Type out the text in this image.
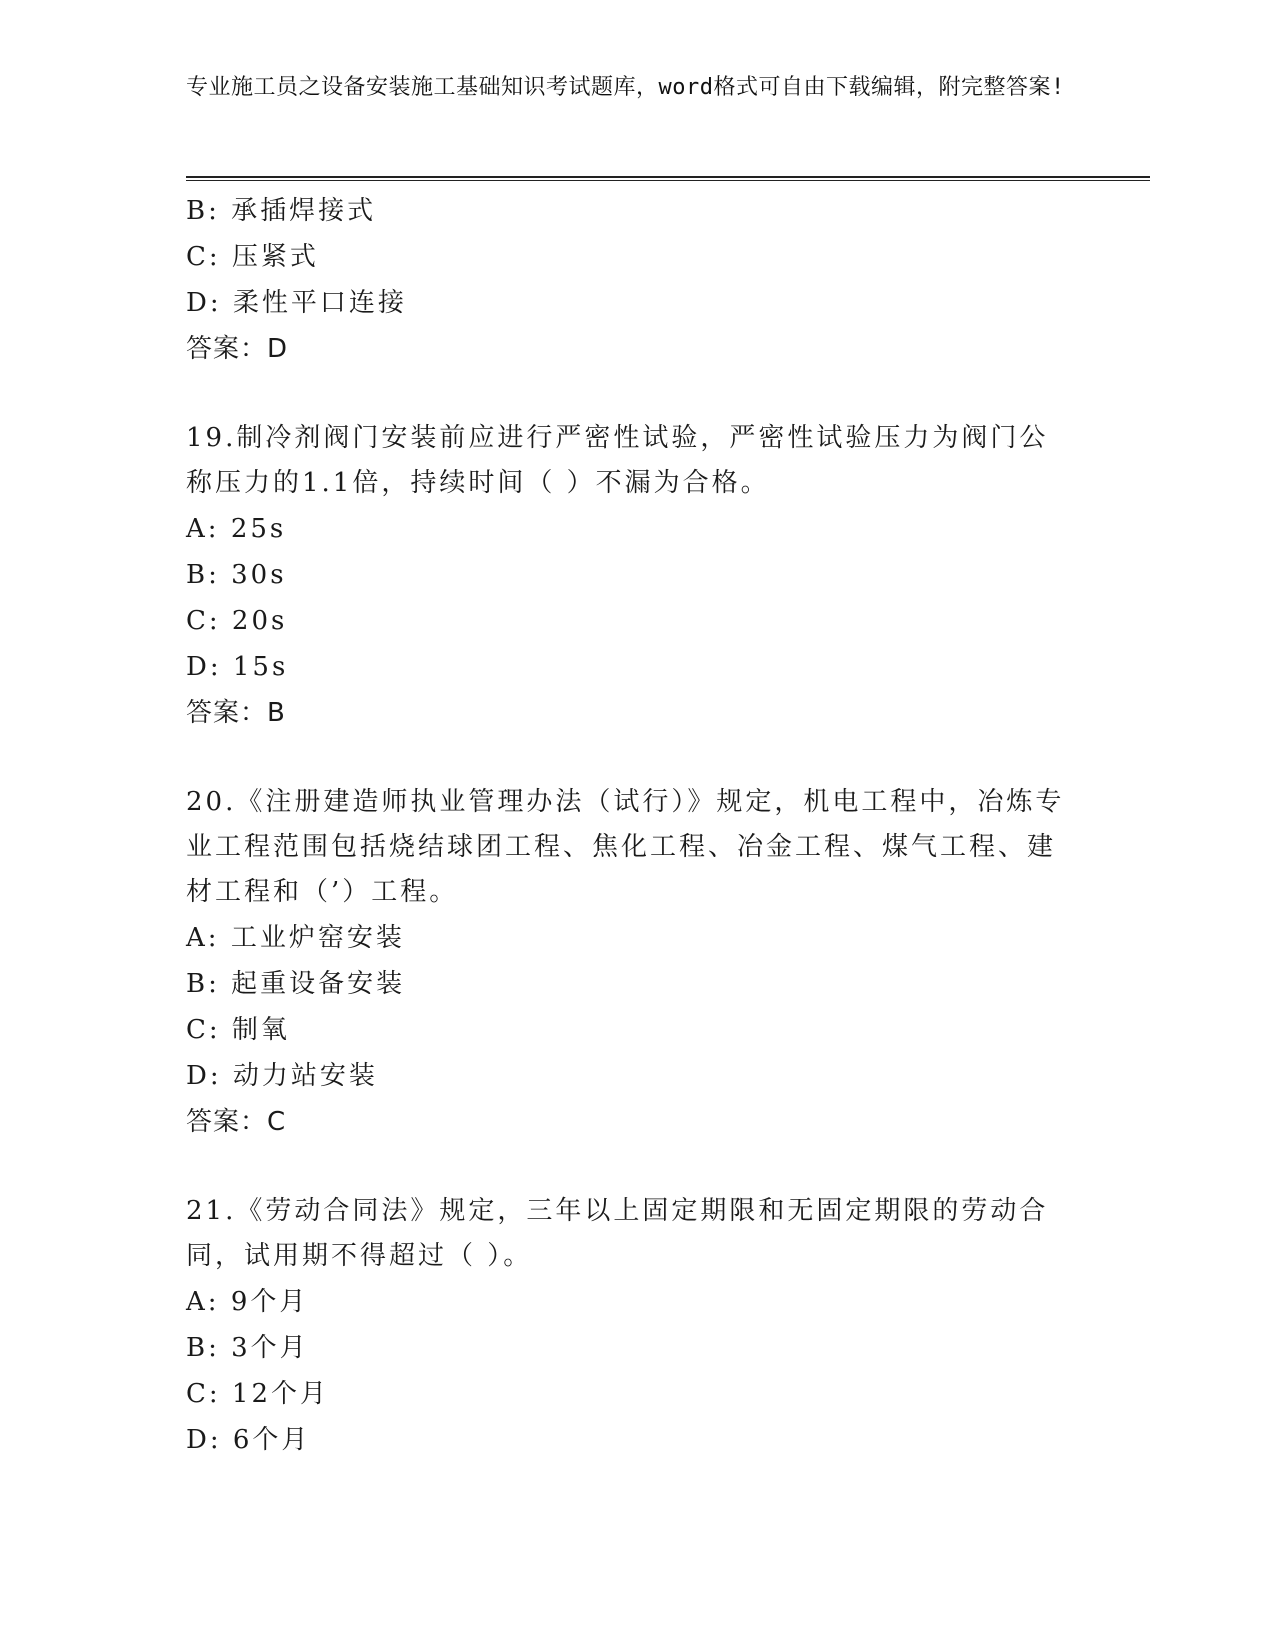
专业施工员之设备安装施工基础知识考试题库，word格式可自由下载编辑，附完整答案!
B: 承插焊接式
C: 压紧式
D: 柔性平口连接
答案：D
19.制冷剂阀门安装前应进行严密性试验，严密性试验压力为阀门公称压力的1.1倍，持续时间（ ）不漏为合格。
A: 25s
B: 30s
C: 20s
D: 15s
答案：B
20.《注册建造师执业管理办法（试行）》规定，机电工程中，冶炼专业工程范围包括烧结球团工程、焦化工程、冶金工程、煤气工程、建材工程和（’）工程。
A: 工业炉窑安装
B: 起重设备安装
C: 制氧
D: 动力站安装
答案：C
21.《劳动合同法》规定，三年以上固定期限和无固定期限的劳动合同，试用期不得超过（ ）。
A: 9个月
B: 3个月
C: 12个月
D: 6个月
